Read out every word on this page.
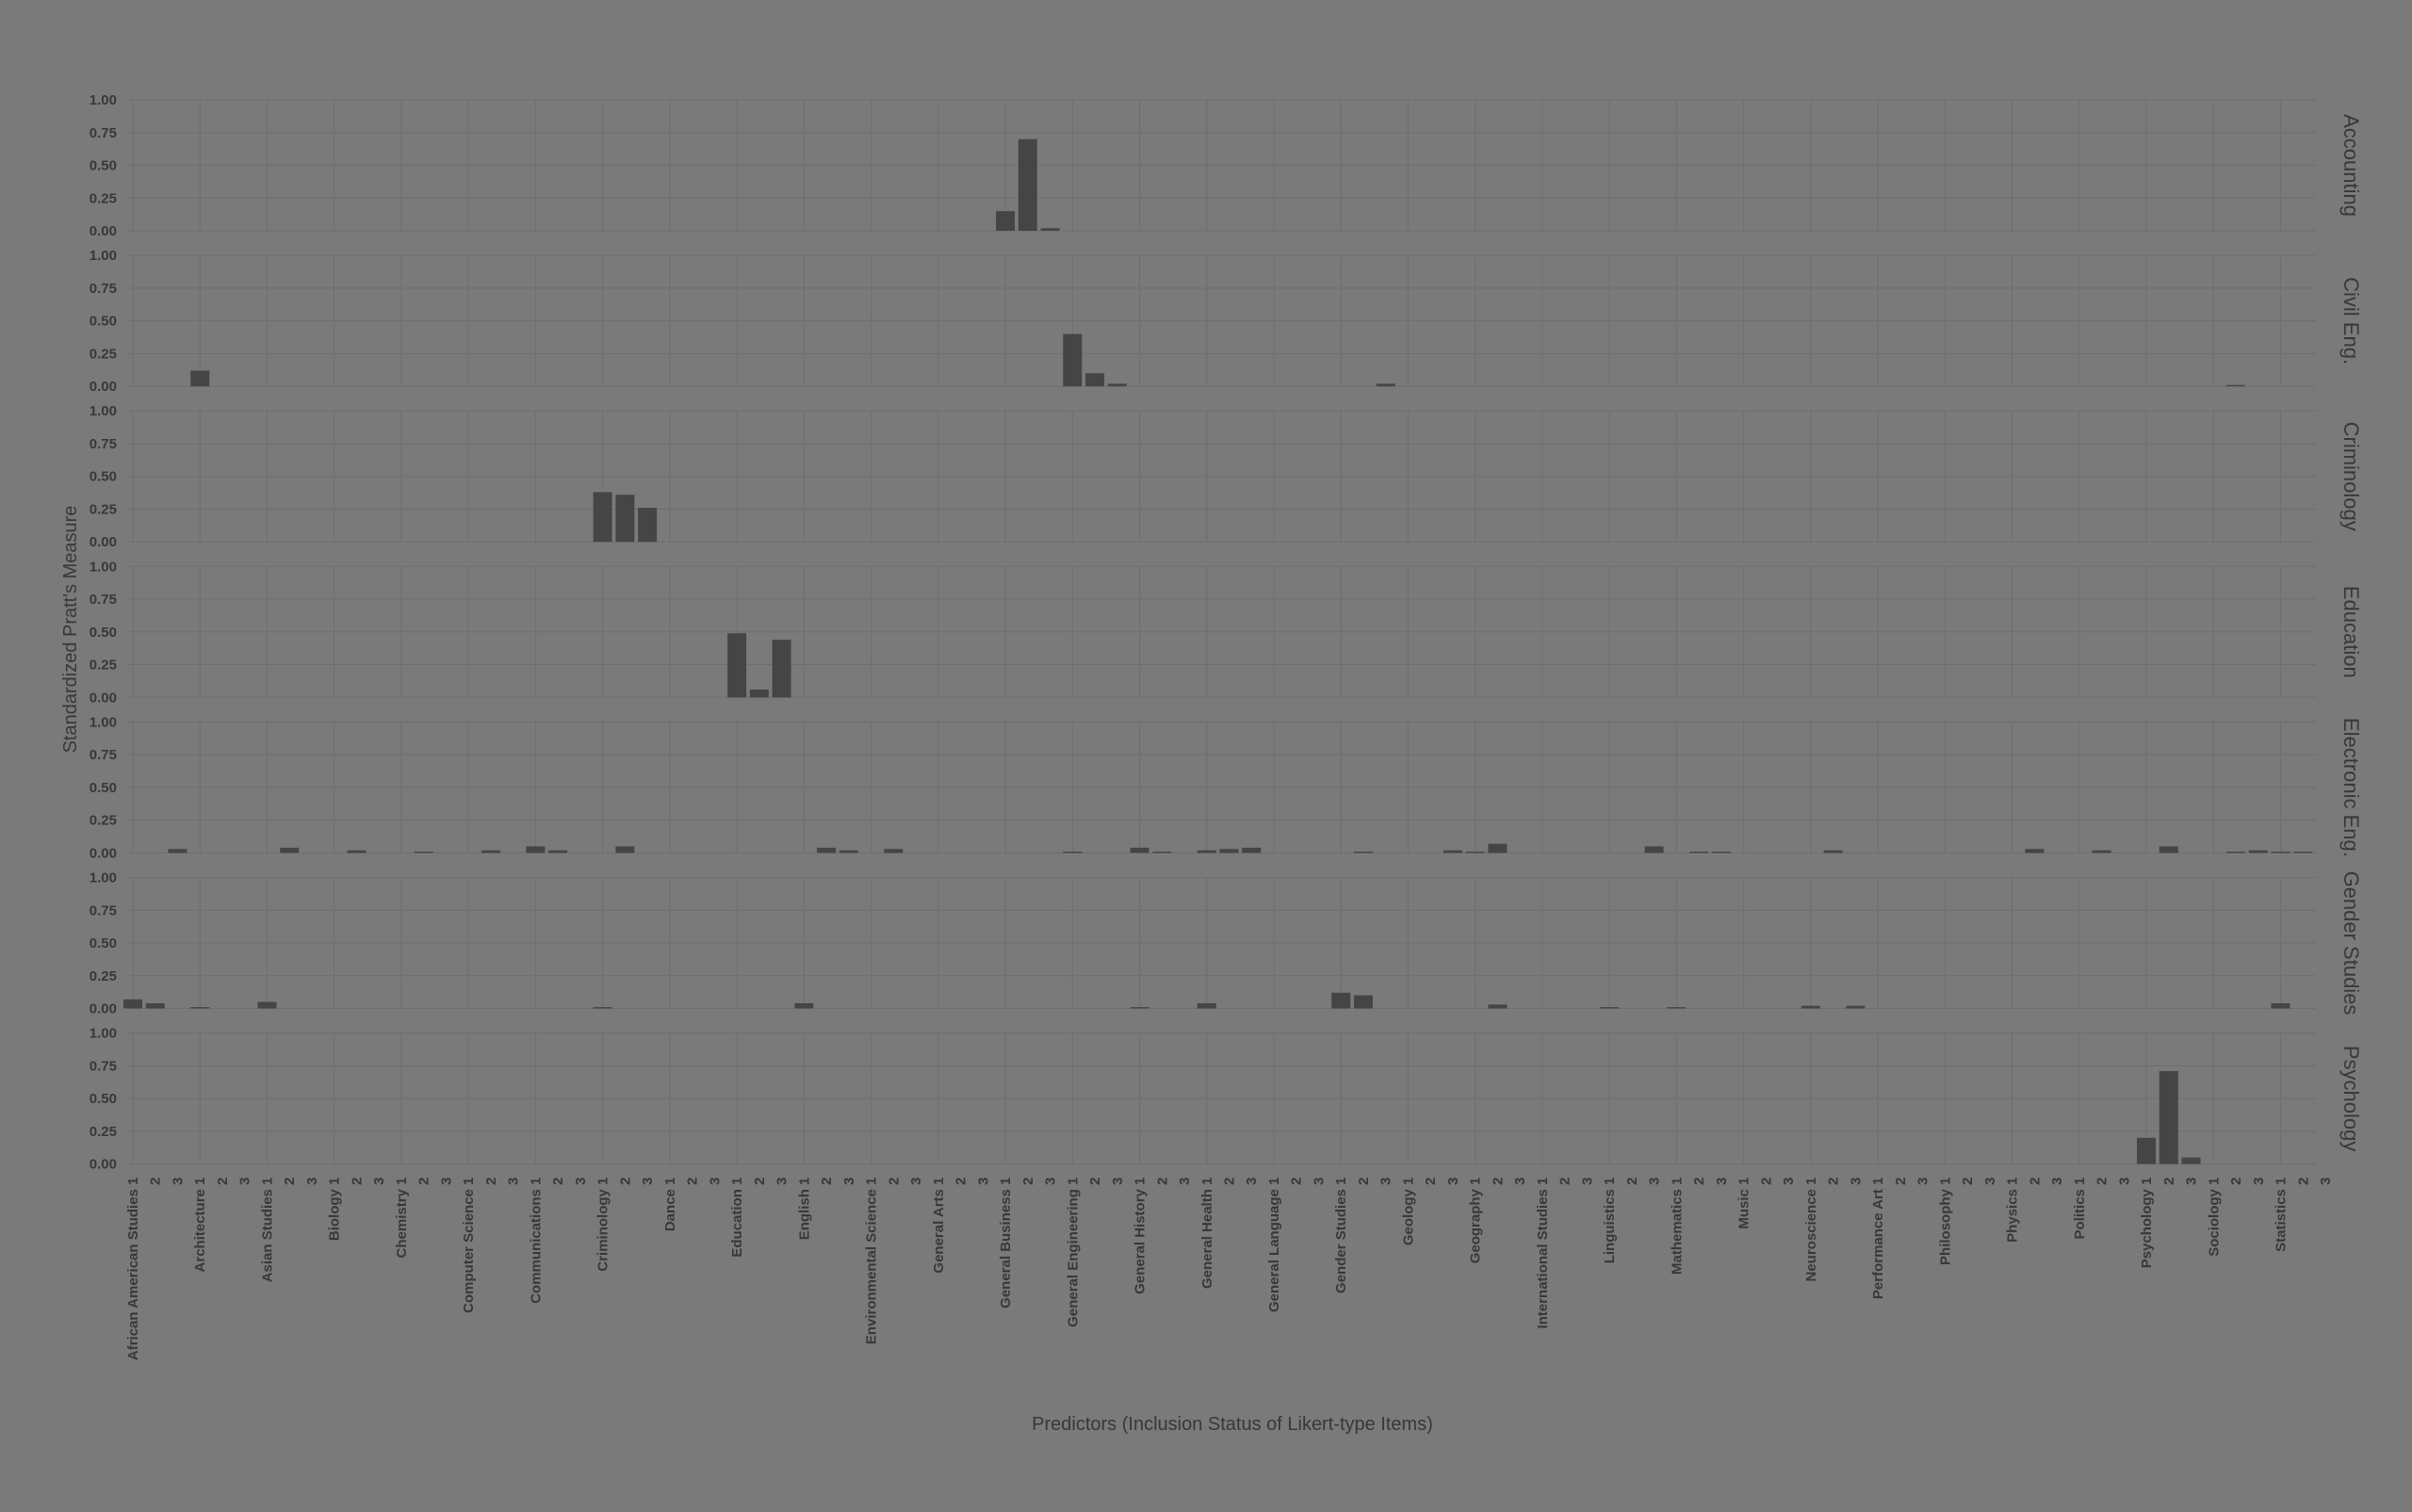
0.00
0.25
0.50
0.75
1.00
0.00
0.25
0.50
0.75
1.00
0.00
0.25
0.50
0.75
1.00
0.00
0.25
0.50
0.75
1.00
0.00
0.25
0.50
0.75
1.00
0.00
0.25
0.50
0.75
1.00
0.00
0.25
0.50
0.75
1.00
Accounting
Civil Eng.
Criminology
Education
Electronic Eng.
Gender Studies
Psychology
African American Studies 1 2 3 Architecture 1 2 3 Asian Studies 1 2 3 Biology 1 2 3 Chemistry 1 2 3 Computer Science 1 2 3 Communications 1 2 3 Criminology 1 2 3 Dance 1 2 3 Education 1 2 3 English 1 2 3 Environmental Science 1 2 3 General Arts 1 2 3 General Business 1 2 3 General Engineering 1 2 3 General History 1 2 3 General Health 1 2 3 General Language 1 2 3 Gender Studies 1 2 3 Geology 1 2 3 Geography 1 2 3 International Studies 1 2 3 Linguistics 1 2 3 Mathematics 1 2 3 Music 1 2 3 Neuroscience 1 2 3 Performance Art 1 2 3 Philosophy 1 2 3 Physics 1 2 3 Politics 1 2 3 Psychology 1 2 3 Sociology 1 2 3 Statistics 1 2 3
Standardized Pratt's Measure
Predictors (Inclusion Status of Likert-type Items)
